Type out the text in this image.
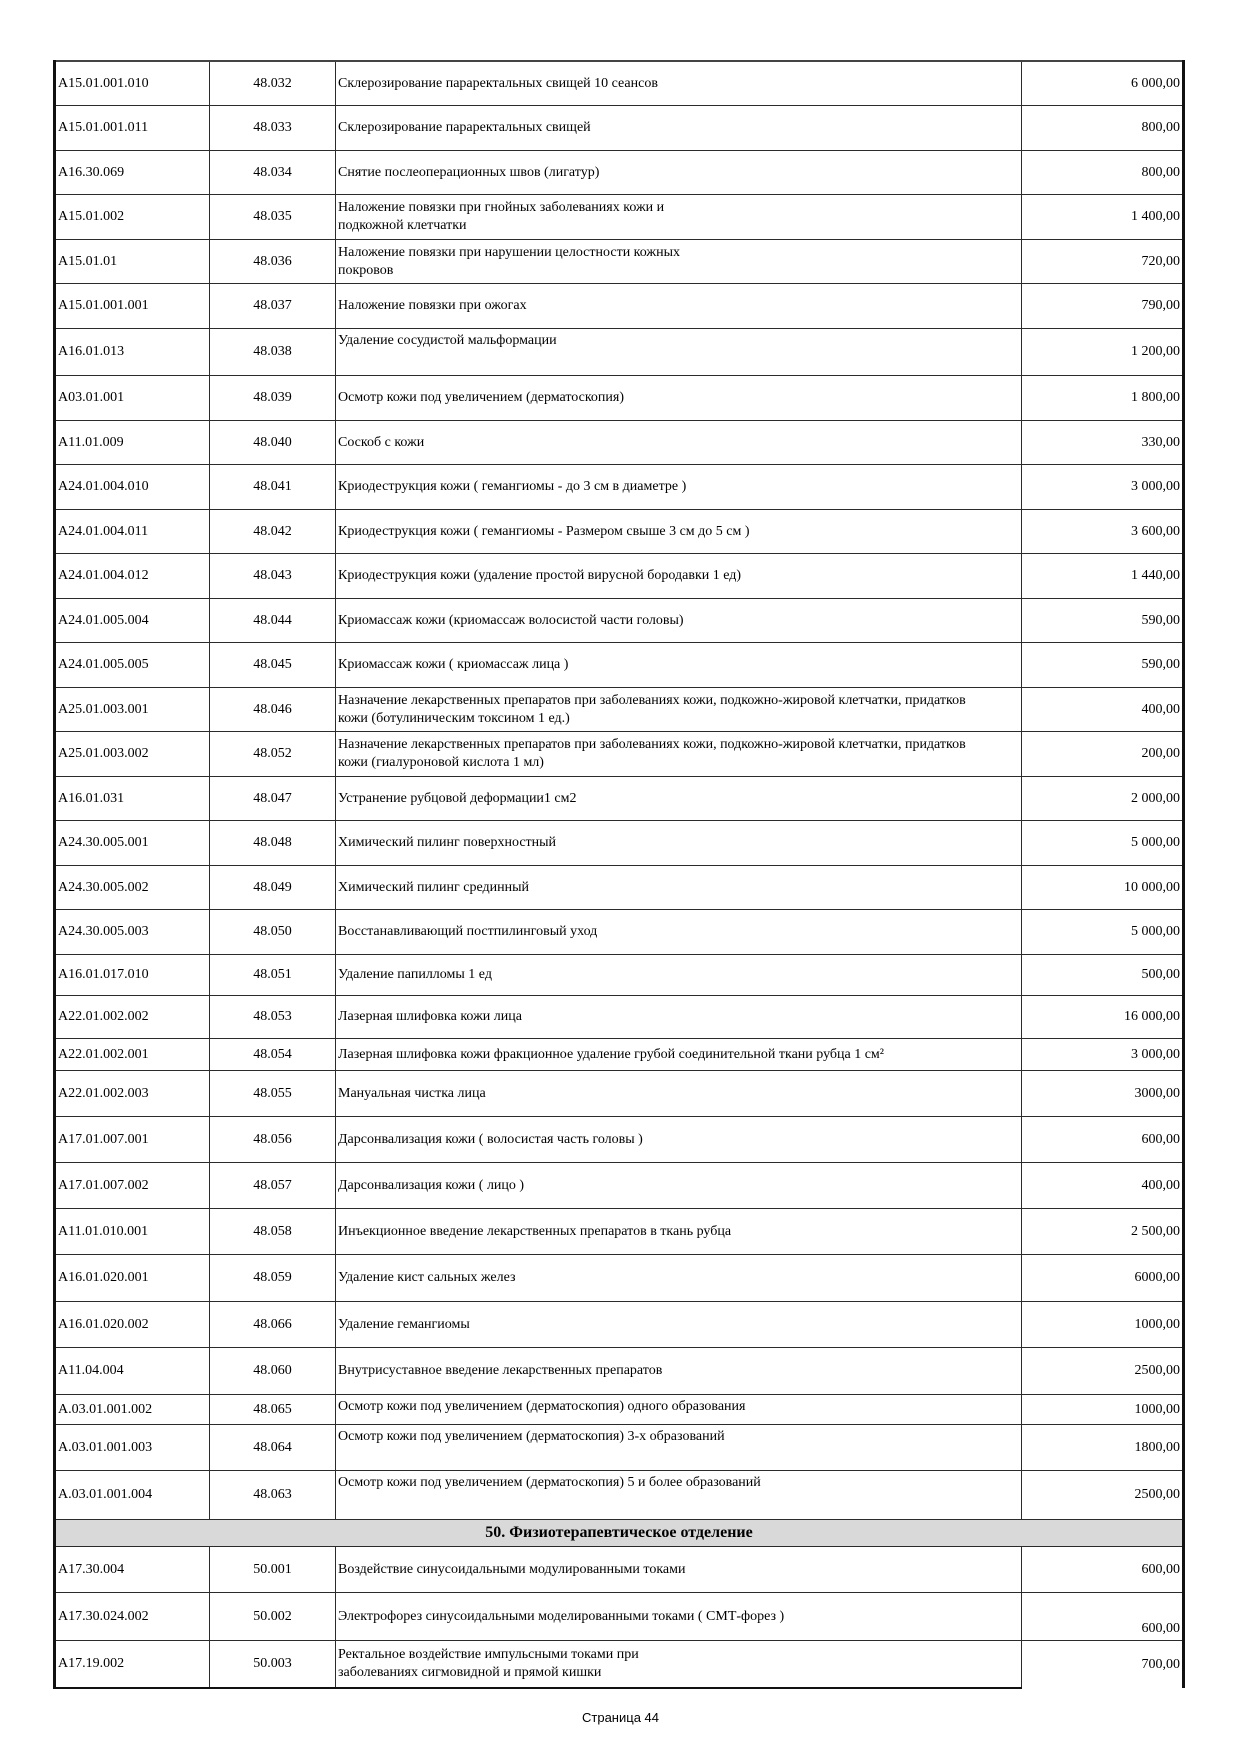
A15.01.001.010	48.032	Склерозирование параректальных свищей 10 сеансов	6 000,00
A15.01.001.011	48.033	Склерозирование параректальных свищей	800,00
A16.30.069	48.034	Снятие послеоперационных швов (лигатур)	800,00
A15.01.002	48.035	Наложение повязки при гнойных заболеваниях кожи и
подкожной клетчатки	1 400,00
A15.01.01	48.036	Наложение повязки при нарушении целостности кожных
покровов	720,00
A15.01.001.001	48.037	Наложение повязки при ожогах	790,00
A16.01.013	48.038	Удаление сосудистой мальформации	1 200,00
A03.01.001	48.039	Осмотр кожи под увеличением (дерматоскопия)	1 800,00
A11.01.009	48.040	Соскоб с кожи	330,00
A24.01.004.010	48.041	Криодеструкция кожи ( гемангиомы - до 3 см в диаметре )	3 000,00
A24.01.004.011	48.042	Криодеструкция кожи ( гемангиомы - Размером свыше 3 см до 5 см )	3 600,00
A24.01.004.012	48.043	Криодеструкция кожи (удаление простой вирусной бородавки 1 ед)	1 440,00
A24.01.005.004	48.044	Криомассаж кожи (криомассаж волосистой части головы)	590,00
A24.01.005.005	48.045	Криомассаж кожи ( криомассаж лица )	590,00
A25.01.003.001	48.046	Назначение лекарственных препаратов при заболеваниях кожи, подкожно-жировой клетчатки, придатков
кожи (ботулиническим токсином 1 ед.)	400,00
A25.01.003.002	48.052	Назначение лекарственных препаратов при заболеваниях кожи, подкожно-жировой клетчатки, придатков
кожи (гиалуроновой кислота 1 мл)	200,00
A16.01.031	48.047	Устранение рубцовой деформации1 см2	2 000,00
A24.30.005.001	48.048	Химический пилинг поверхностный	5 000,00
A24.30.005.002	48.049	Химический пилинг срединный	10 000,00
A24.30.005.003	48.050	Восстанавливающий постпилинговый уход	5 000,00
A16.01.017.010	48.051	Удаление папилломы 1 ед	500,00
A22.01.002.002	48.053	Лазерная шлифовка кожи лица	16 000,00
A22.01.002.001	48.054	Лазерная шлифовка кожи фракционное удаление грубой соединительной ткани рубца 1 см²	3 000,00
A22.01.002.003	48.055	Мануальная чистка лица	3000,00
A17.01.007.001	48.056	Дарсонвализация кожи ( волосистая часть головы )	600,00
A17.01.007.002	48.057	Дарсонвализация кожи ( лицо )	400,00
A11.01.010.001	48.058	Инъекционное введение лекарственных препаратов в ткань рубца	2 500,00
A16.01.020.001	48.059	Удаление кист сальных желез	6000,00
A16.01.020.002	48.066	Удаление гемангиомы	1000,00
A11.04.004	48.060	Внутрисуставное введение лекарственных препаратов	2500,00
A.03.01.001.002	48.065	Осмотр кожи под увеличением (дерматоскопия) одного образования	1000,00
A.03.01.001.003	48.064	Осмотр кожи под увеличением (дерматоскопия) 3-х образований	1800,00
A.03.01.001.004	48.063	Осмотр кожи под увеличением (дерматоскопия) 5 и более образований	2500,00
50. Физиотерапевтическое отделение			
A17.30.004	50.001	Воздействие синусоидальными модулированными токами	600,00
A17.30.024.002	50.002	Электрофорез синусоидальными моделированными токами ( СМТ-форез )	600,00
A17.19.002	50.003	Ректальное воздействие импульсными токами при
заболеваниях сигмовидной и прямой кишки	700,00
Страница 44
